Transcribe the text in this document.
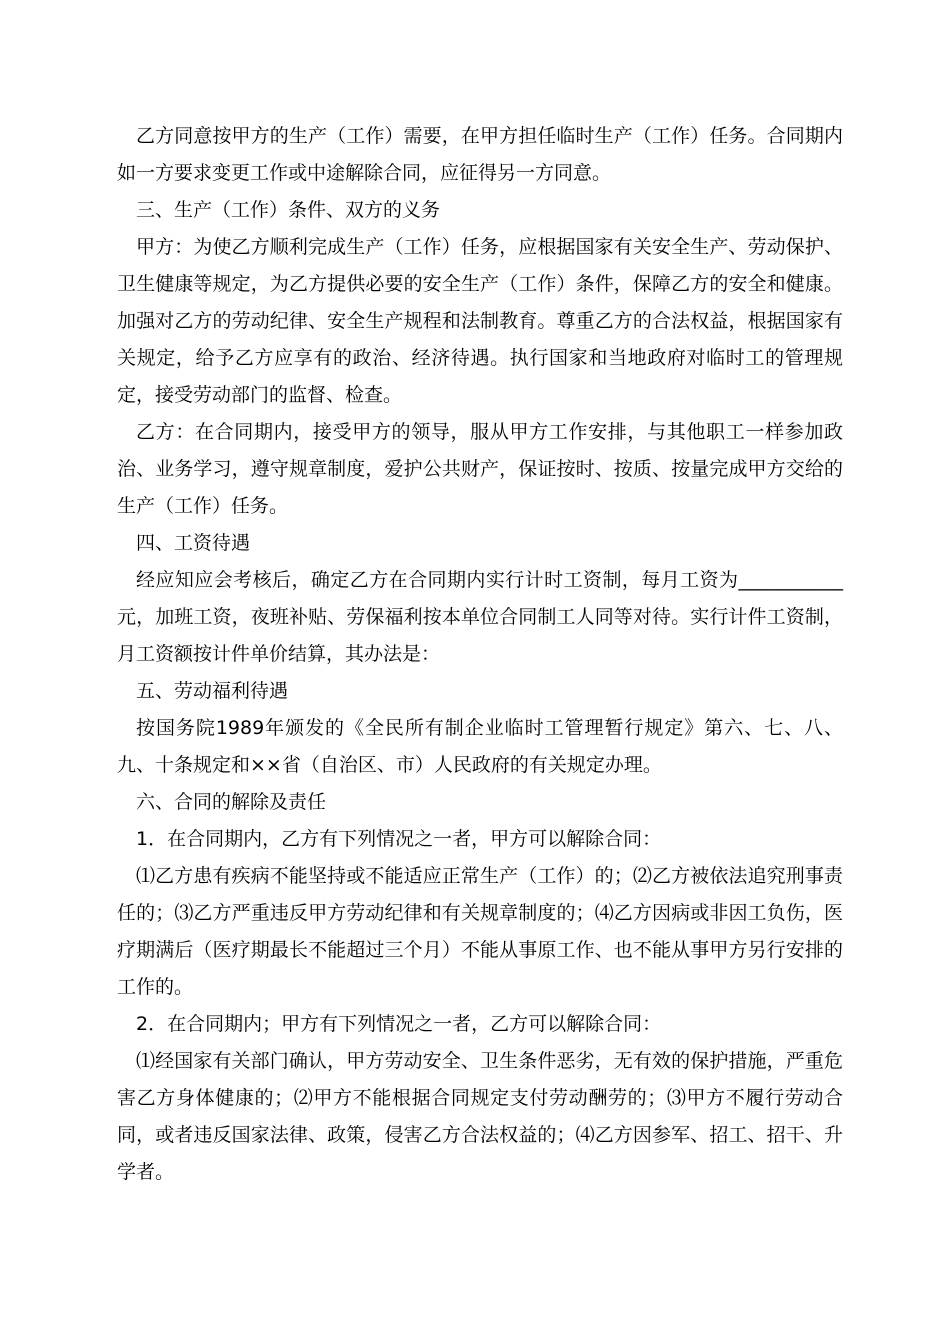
乙方同意按甲方的生产（工作）需要，在甲方担任临时生产（工作）任务。合同期内如一方要求变更工作或中途解除合同，应征得另一方同意。

三、生产（工作）条件、双方的义务

甲方：为使乙方顺利完成生产（工作）任务，应根据国家有关安全生产、劳动保护、卫生健康等规定，为乙方提供必要的安全生产（工作）条件，保障乙方的安全和健康。加强对乙方的劳动纪律、安全生产规程和法制教育。尊重乙方的合法权益，根据国家有关规定，给予乙方应享有的政治、经济待遇。执行国家和当地政府对临时工的管理规定，接受劳动部门的监督、检查。

乙方：在合同期内，接受甲方的领导，服从甲方工作安排，与其他职工一样参加政治、业务学习，遵守规章制度，爱护公共财产，保证按时、按质、按量完成甲方交给的生产（工作）任务。

四、工资待遇

经应知应会考核后，确定乙方在合同期内实行计时工资制，每月工资为___________元，加班工资，夜班补贴、劳保福利按本单位合同制工人同等对待。实行计件工资制，月工资额按计件单价结算，其办法是：

五、劳动福利待遇

按国务院1989年颁发的《全民所有制企业临时工管理暂行规定》第六、七、八、九、十条规定和××省（自治区、市）人民政府的有关规定办理。

六、合同的解除及责任

1．在合同期内，乙方有下列情况之一者，甲方可以解除合同：

⑴乙方患有疾病不能坚持或不能适应正常生产（工作）的；⑵乙方被依法追究刑事责任的；⑶乙方严重违反甲方劳动纪律和有关规章制度的；⑷乙方因病或非因工负伤，医疗期满后（医疗期最长不能超过三个月）不能从事原工作、也不能从事甲方另行安排的工作的。

2．在合同期内；甲方有下列情况之一者，乙方可以解除合同：

⑴经国家有关部门确认，甲方劳动安全、卫生条件恶劣，无有效的保护措施，严重危害乙方身体健康的；⑵甲方不能根据合同规定支付劳动酬劳的；⑶甲方不履行劳动合同，或者违反国家法律、政策，侵害乙方合法权益的；⑷乙方因参军、招工、招干、升学者。
